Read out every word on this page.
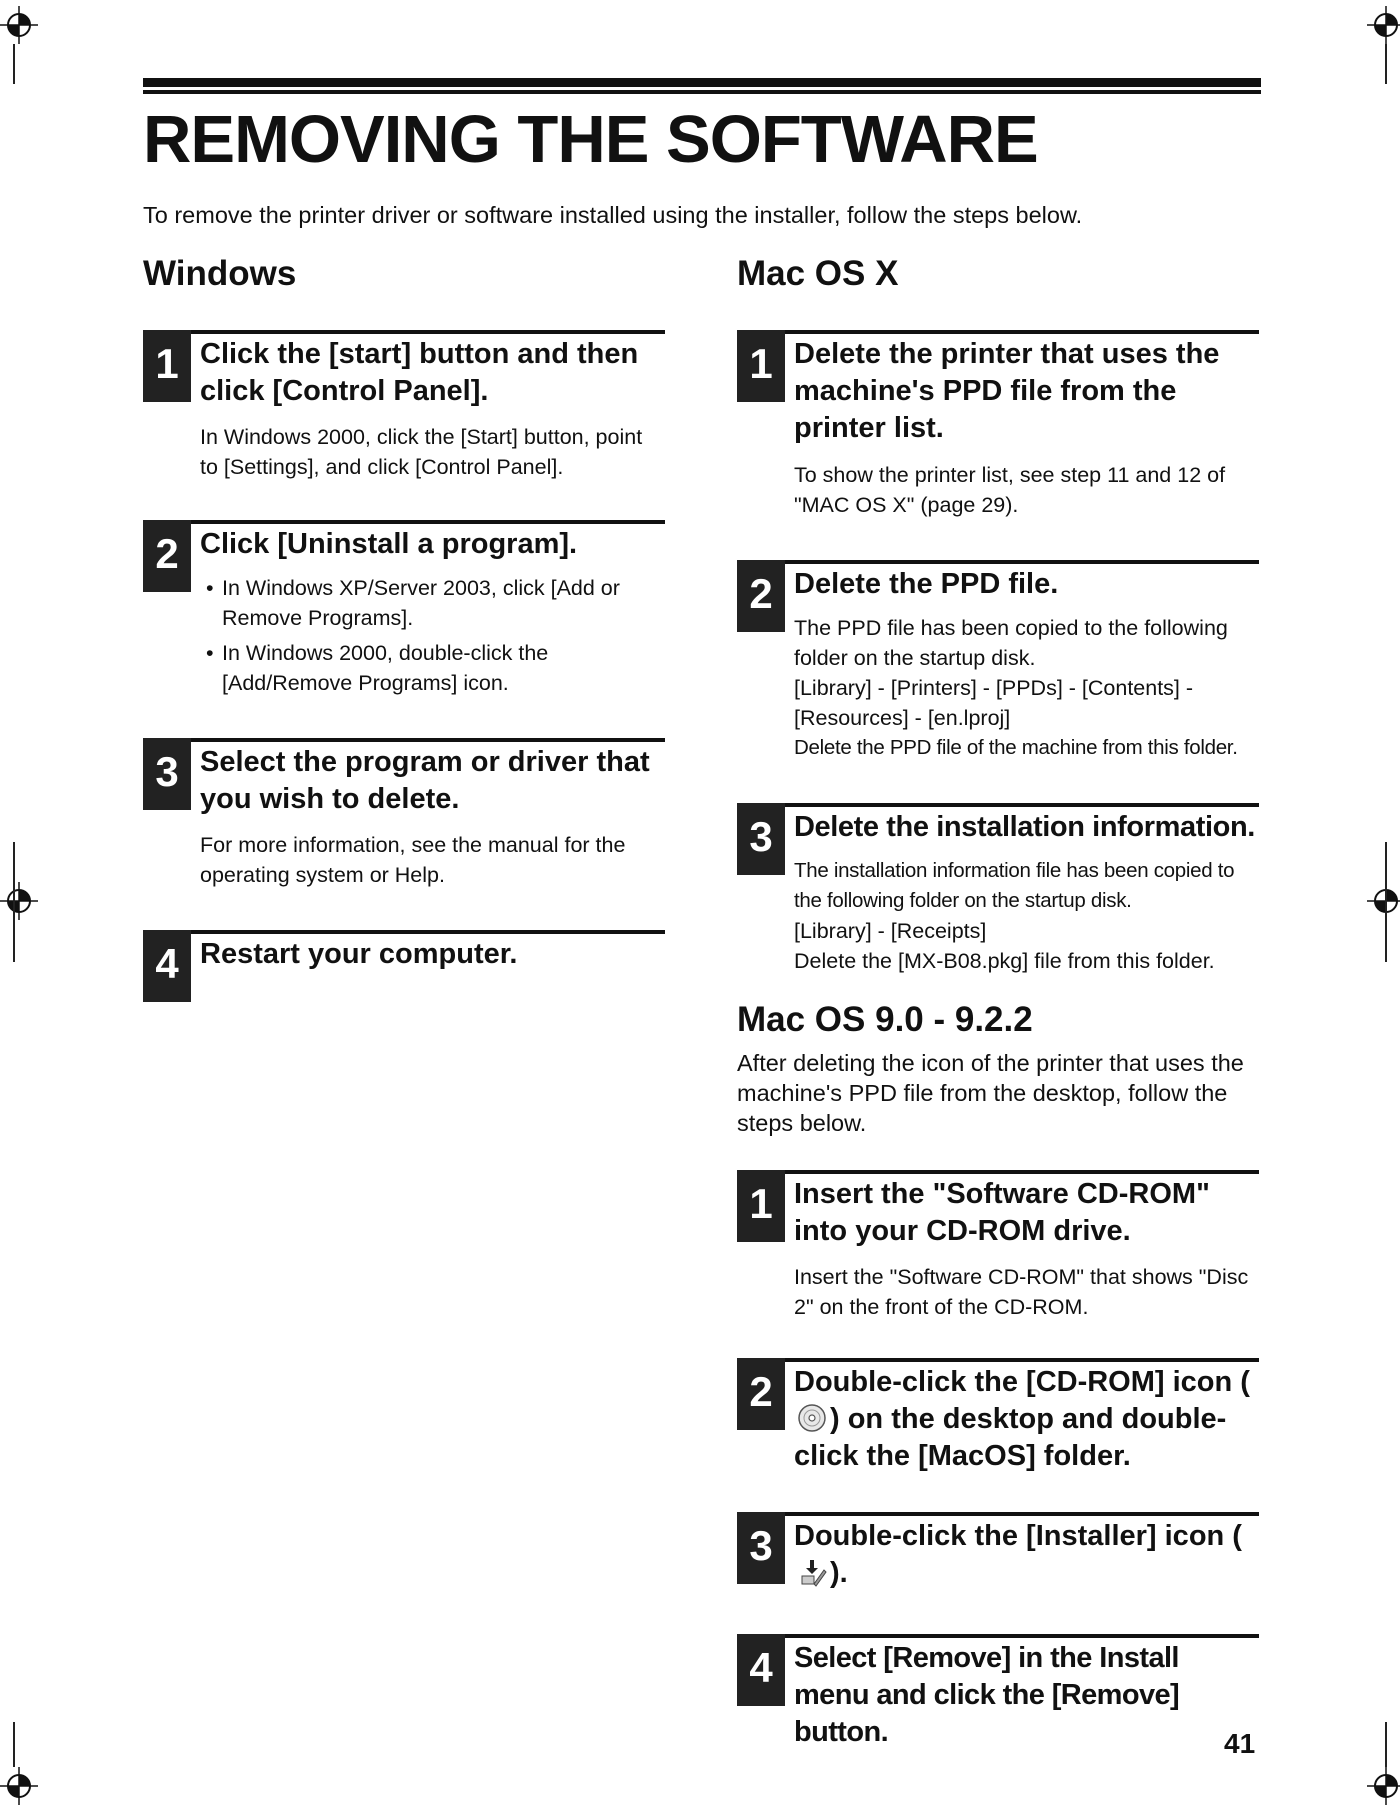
REMOVING THE SOFTWARE

To remove the printer driver or software installed using the installer, follow the steps below.

Windows
1 Click the [start] button and then click [Control Panel].
In Windows 2000, click the [Start] button, point to [Settings], and click [Control Panel].
2 Click [Uninstall a program].
• In Windows XP/Server 2003, click [Add or Remove Programs].
• In Windows 2000, double-click the [Add/Remove Programs] icon.
3 Select the program or driver that you wish to delete.
For more information, see the manual for the operating system or Help.
4 Restart your computer.
Mac OS X
1 Delete the printer that uses the machine's PPD file from the printer list.
To show the printer list, see step 11 and 12 of "MAC OS X" (page 29).
2 Delete the PPD file.

The PPD file has been copied to the following folder on the startup disk.

[Library] - [Printers] - [PPDs] - [Contents] - [Resources] - [en.lproj]

Delete the PPD file of the machine from this folder.

3 Delete the installation information.

The installation information file has been copied to the following folder on the startup disk.

[Library] - [Receipts]

Delete the [MX-B08.pkg] file from this folder.

Mac OS 9.0 - 9.2.2

After deleting the icon of the printer that uses the machine's PPD file from the desktop, follow the steps below.

1 Insert the "Software CD-ROM" into your CD-ROM drive.
Insert the "Software CD-ROM" that shows "Disc 2" on the front of the CD-ROM.
2 Double-click the [CD-ROM] icon () on the desktop and double-click the [MacOS] folder.
3 Double-click the [Installer] icon ().
4 Select [Remove] in the Install menu and click the [Remove] button.	41
